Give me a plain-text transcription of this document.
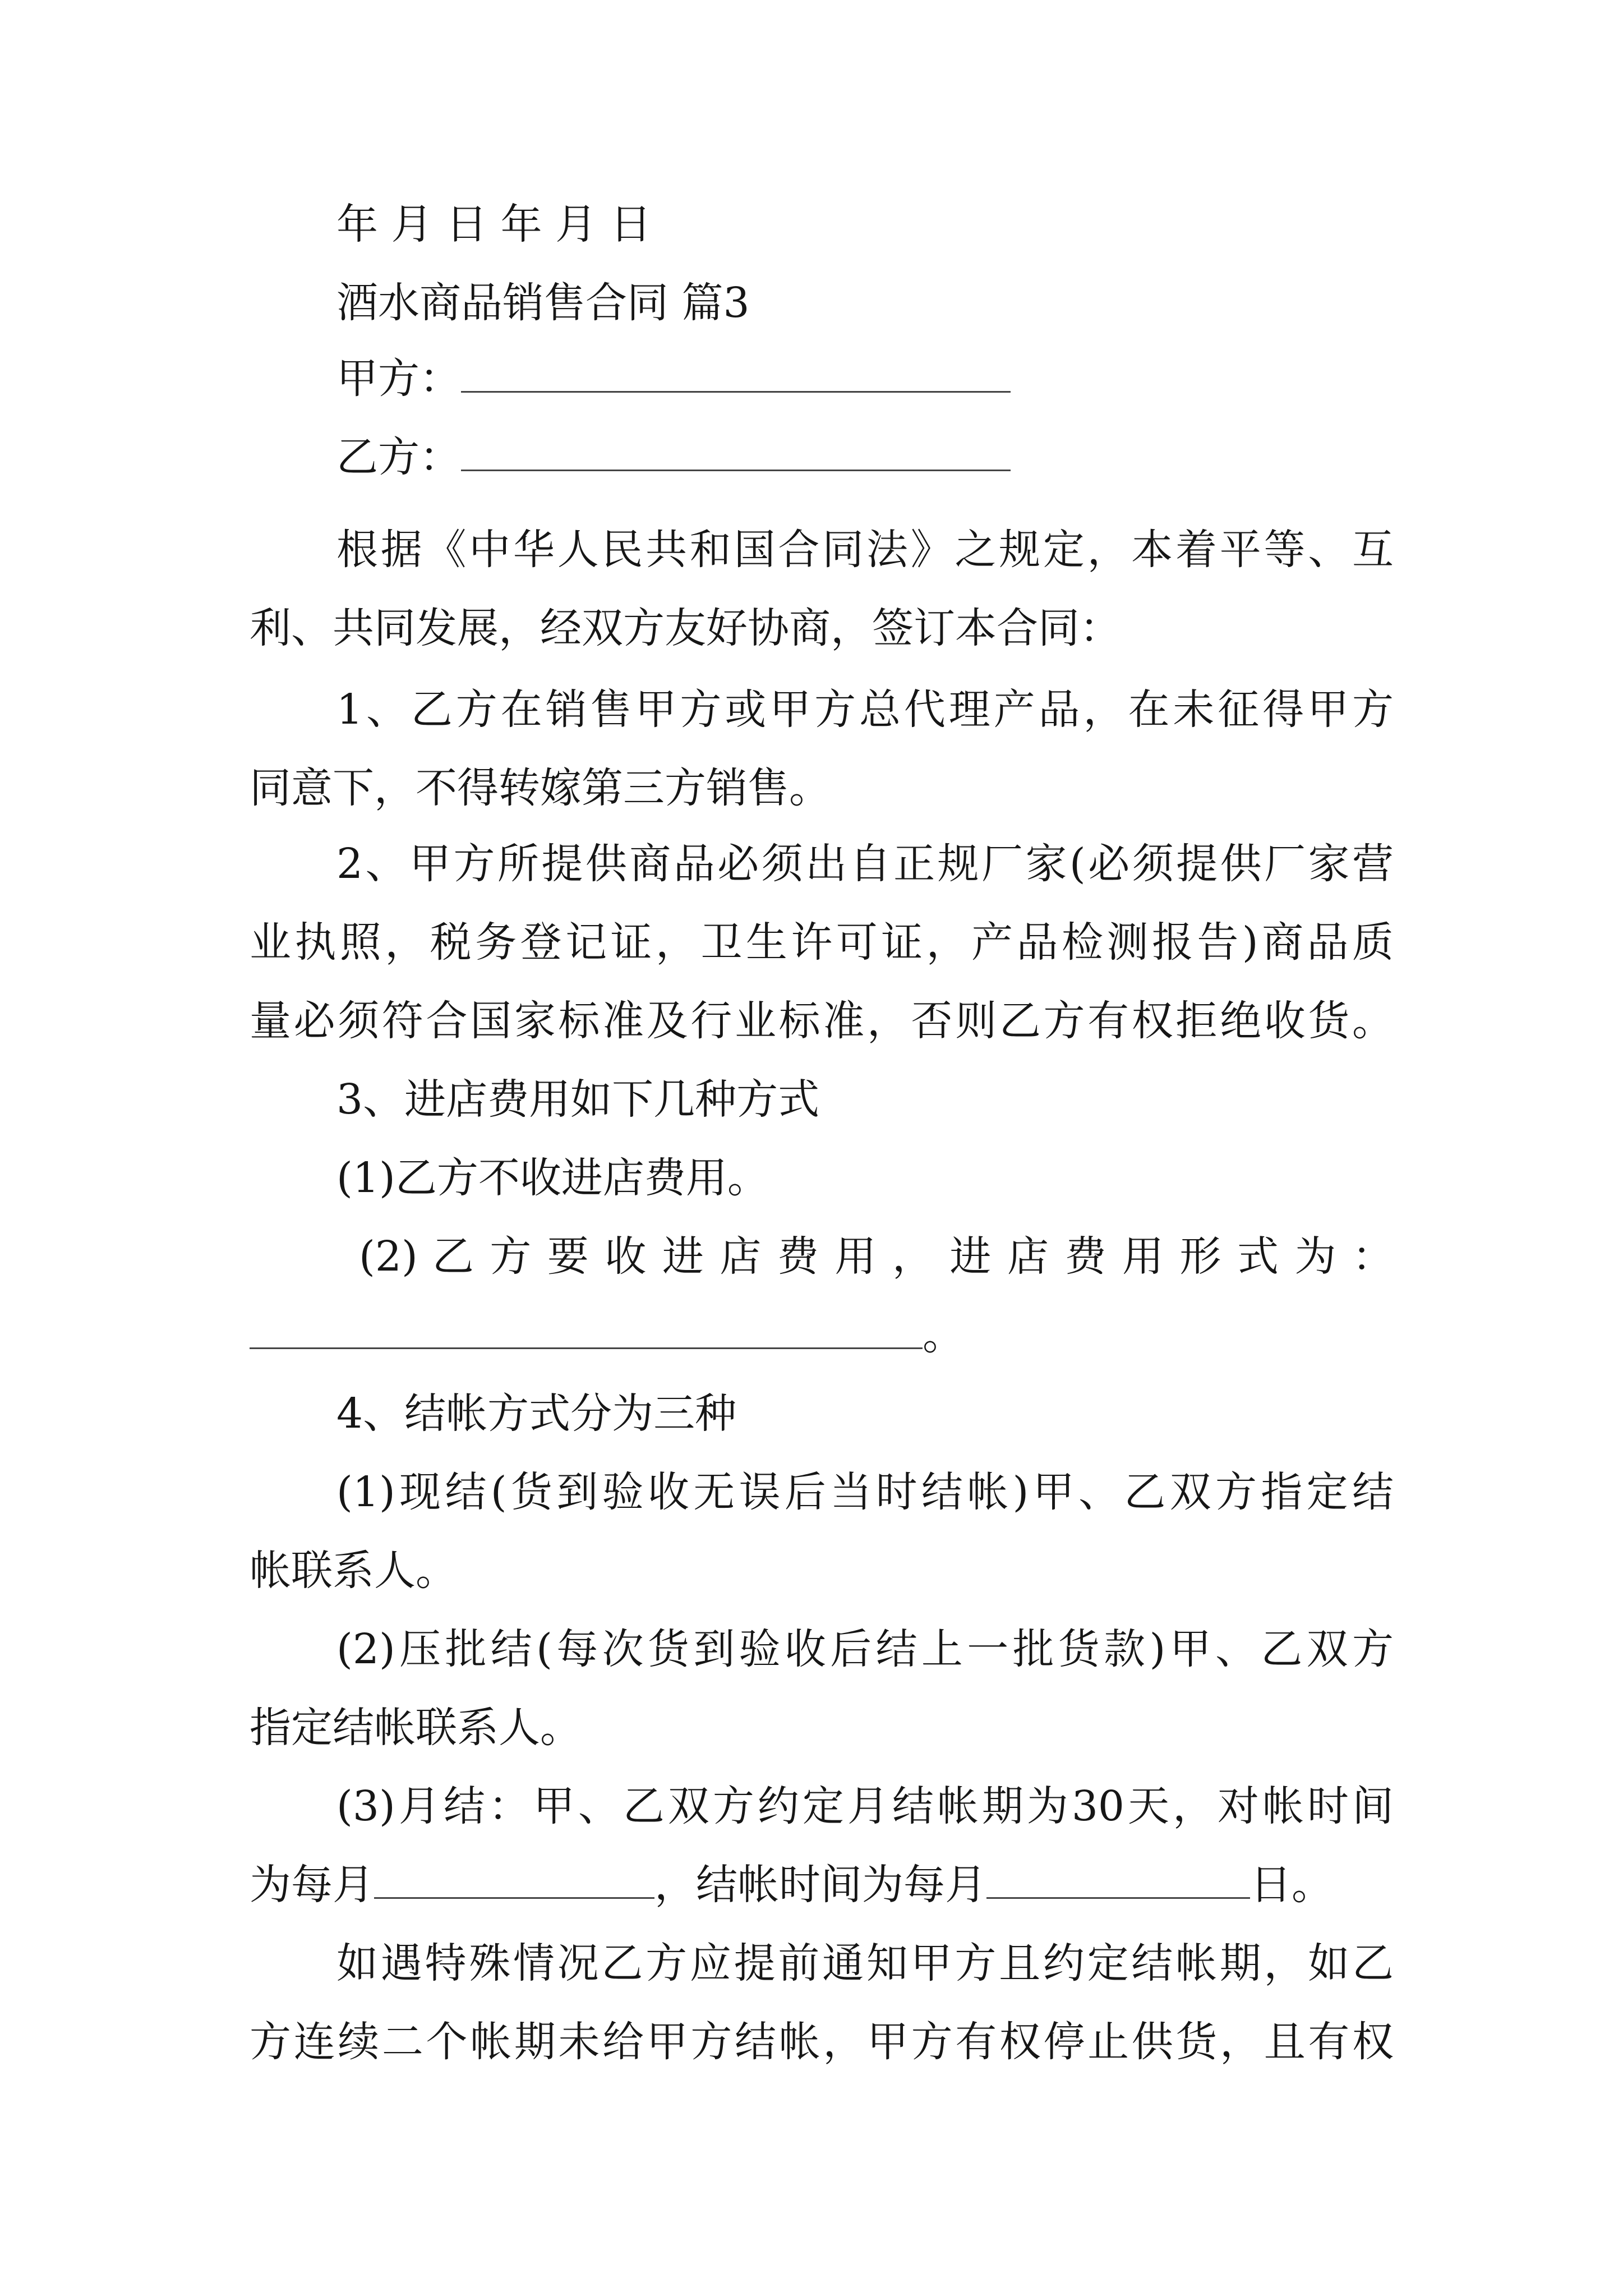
年 月 日 年 月 日
酒水商品销售合同 篇3
甲方：
乙方：
根据《中华人民共和国合同法》之规定，本着平等、互
利、共同发展，经双方友好协商，签订本合同：
1、乙方在销售甲方或甲方总代理产品，在未征得甲方
同意下，不得转嫁第三方销售。
2、甲方所提供商品必须出自正规厂家(必须提供厂家营
业执照，税务登记证，卫生许可证，产品检测报告)商品质
量必须符合国家标准及行业标准，否则乙方有权拒绝收货。
3、进店费用如下几种方式
(1)乙方不收进店费用。
(2) 乙 方 要 收 进 店 费 用 ， 进 店 费 用 形 式 为 ：
。
4、结帐方式分为三种
(1)现结(货到验收无误后当时结帐)甲、乙双方指定结
帐联系人。
(2)压批结(每次货到验收后结上一批货款)甲、乙双方
指定结帐联系人。
(3)月结：甲、乙双方约定月结帐期为30天，对帐时间
为每月	，结帐时间为每月	日。
如遇特殊情况乙方应提前通知甲方且约定结帐期，如乙
方连续二个帐期未给甲方结帐，甲方有权停止供货，且有权
